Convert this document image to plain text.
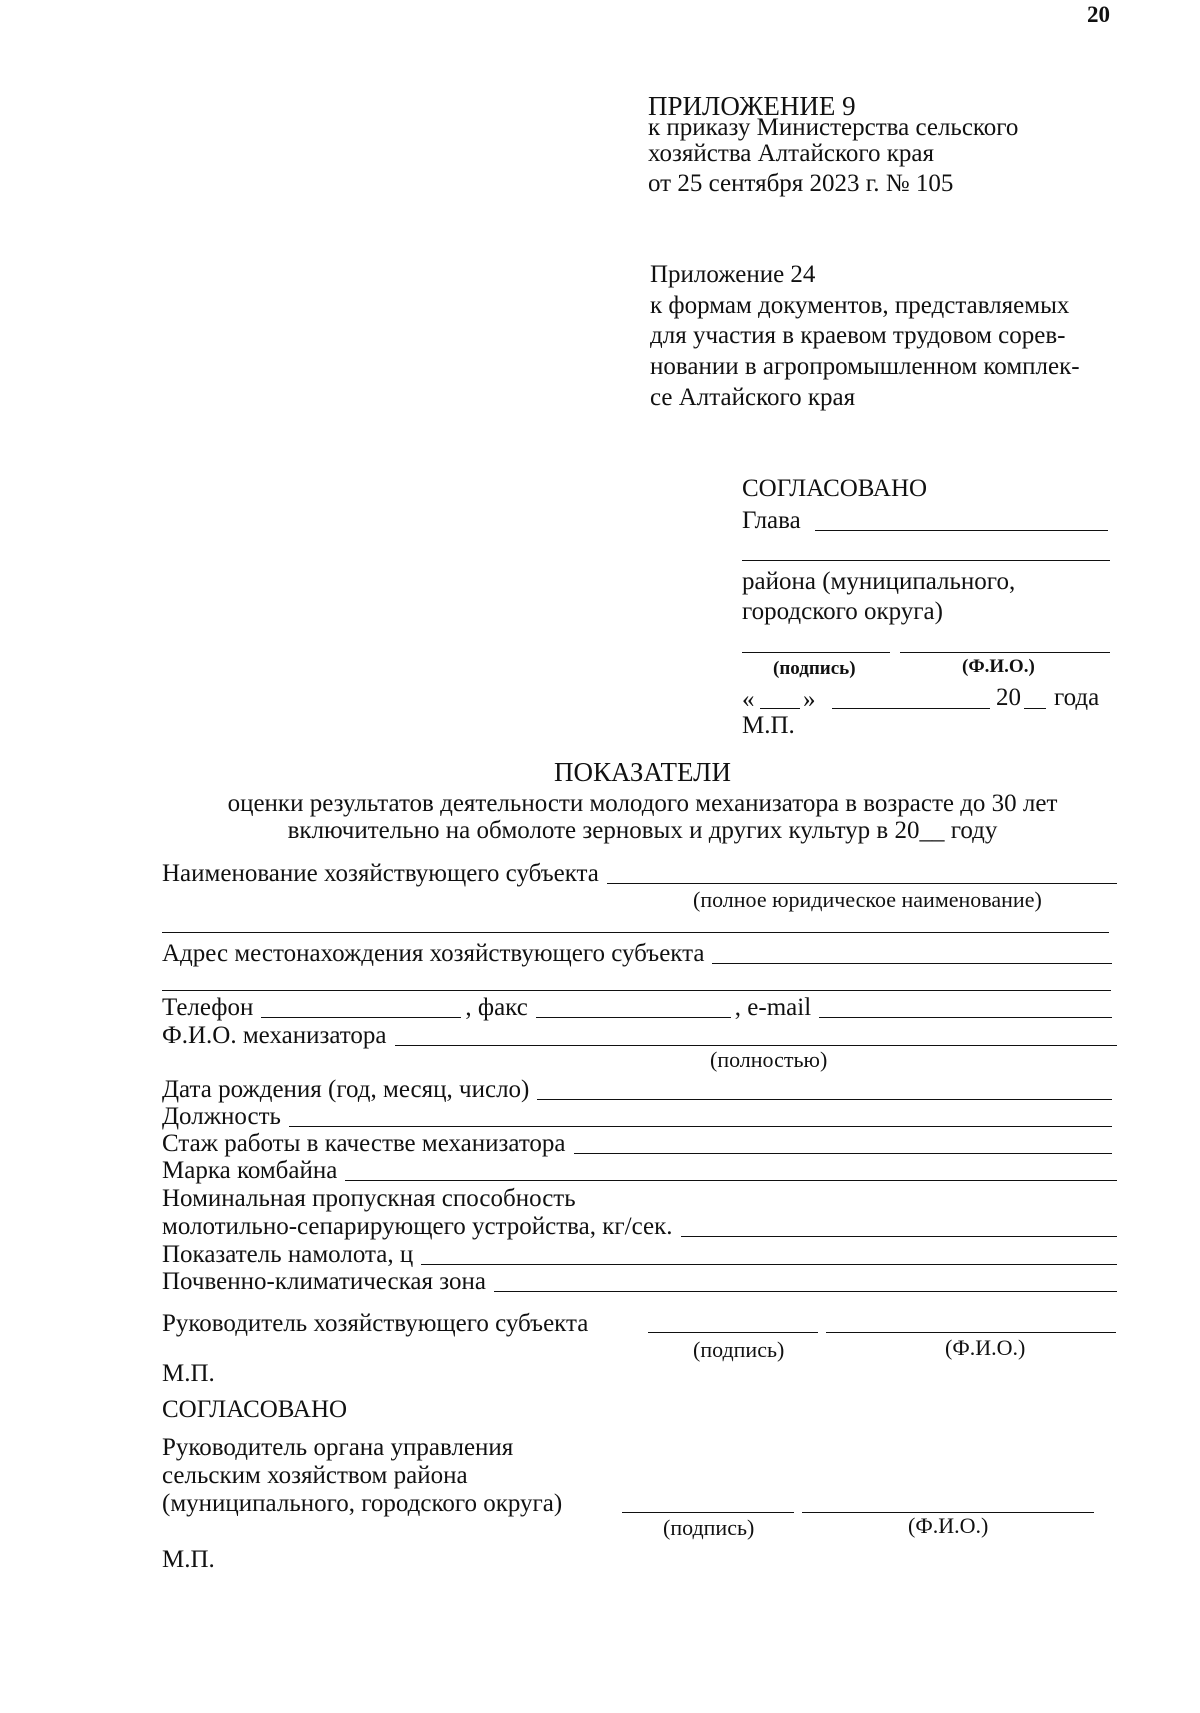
20
ПРИЛОЖЕНИЕ 9
к приказу Министерства сельского
хозяйства Алтайского края
от 25 сентября 2023 г. № 105
Приложение 24
к формам документов, представляемых
для участия в краевом трудовом сорев-
новании в агропромышленном комплек-
се Алтайского края
СОГЛАСОВАНО
Глава
района (муниципального,
городского округа)
(подпись)	(Ф.И.О.)
« »	20 года
М.П.
ПОКАЗАТЕЛИ
оценки результатов деятельности молодого механизатора в возрасте до 30 лет
включительно на обмолоте зерновых и других культур в 20__ году
Наименование хозяйствующего субъекта
(полное юридическое наименование)
Адрес местонахождения хозяйствующего субъекта
Телефон	, факс	, e-mail
Ф.И.О. механизатора
(полностью)
Дата рождения (год, месяц, число)
Должность
Стаж работы в качестве механизатора
Марка комбайна
Номинальная пропускная способность
молотильно-сепарирующего устройства, кг/сек.
Показатель намолота, ц
Почвенно-климатическая зона
Руководитель хозяйствующего субъекта
(подпись)	(Ф.И.О.)
М.П.
СОГЛАСОВАНО
Руководитель органа управления
сельским хозяйством района
(муниципального, городского округа)
(подпись)	(Ф.И.О.)
М.П.
